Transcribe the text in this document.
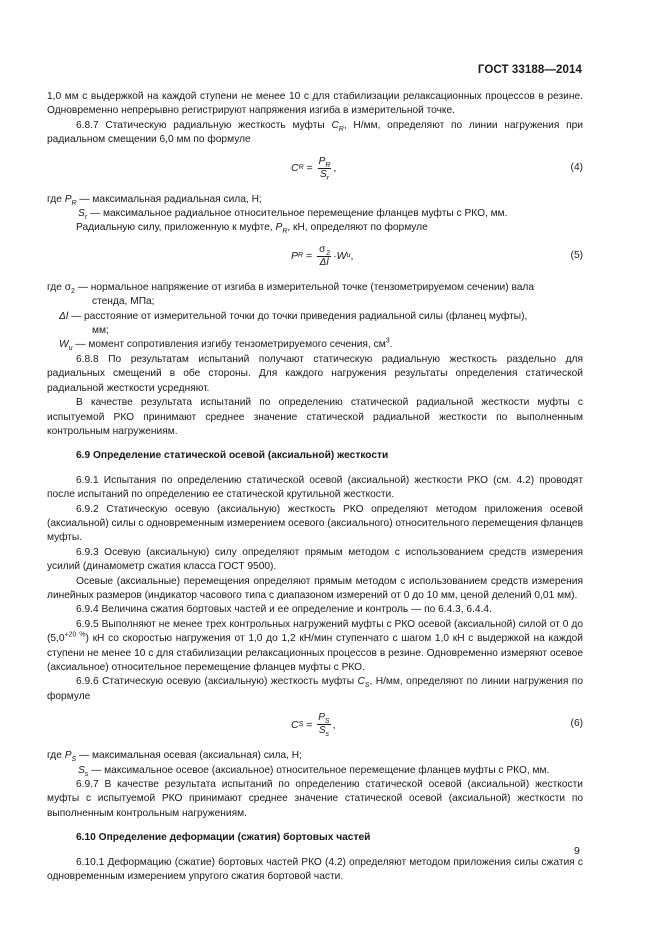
ГОСТ 33188—2014

1,0 мм с выдержкой на каждой ступени не менее 10 с для стабилизации релаксационных процессов в резине. Одновременно непрерывно регистрируют напряжения изгиба в измерительной точке.

6.8.7 Статическую радиальную жесткость муфты $C_R$, Н/мм, определяют по линии нагружения при радиальном смещении 6,0 мм по формуле

C R
=
$\frac{P_R}{S_r}$ ,	(4)

где $P_R$ — максимальная радиальная сила, Н;

$S_r$ — максимальное радиальное относительное перемещение фланцев муфты с РКО, мм.

Радиальную силу, приложенную к муфте, $P_R$, кН, определяют по формуле

P R
=
$\frac{\sigma_2}{\Delta l} \cdot W$ u ,	(5)

где $\sigma_2$ — нормальное напряжение от изгиба в измерительной точке (тензометрируемом сечении) вала

стенда, МПа;

Δl — расстояние от измерительной точки до точки приведения радиальной силы (фланец муфты),

мм;

$W_u$ — момент сопротивления изгибу тензометрируемого сечения, $см^3$.

6.8.8 По результатам испытаний получают статическую радиальную жесткость раздельно для радиальных смещений в обе стороны. Для каждого нагружения результаты определения статической радиальной жесткости усредняют.

В качестве результата испытаний по определению статической радиальной жесткости муфты с испытуемой РКО принимают среднее значение статической радиальной жесткости по выполненным контрольным нагружениям.

6.9 Определение статической осевой (аксиальной) жесткости

6.9.1 Испытания по определению статической осевой (аксиальной) жесткости РКО (см. 4.2) проводят после испытаний по определению ее статической крутильной жесткости.

6.9.2 Статическую осевую (аксиальную) жесткость РКО определяют методом приложения осевой (аксиальной) силы с одновременным измерением осевого (аксиального) относительного перемещения фланцев муфты.

6.9.3 Осевую (аксиальную) силу определяют прямым методом с использованием средств измерения усилий (динамометр сжатия класса ГОСТ 9500).

Осевые (аксиальные) перемещения определяют прямым методом с использованием средств измерения линейных размеров (индикатор часового типа с диапазоном измерений от 0 до 10 мм, ценой делений 0,01 мм).

6.9.4 Величина сжатия бортовых частей и ее определение и контроль — по 6.4.3, 6.4.4.

6.9.5 Выполняют не менее трех контрольных нагружений муфты с РКО осевой (аксиальной) силой от 0 до $(5,0^{+20 \%})$ кН со скоростью нагружения от 1,0 до 1,2 кН/мин ступенчато с шагом 1,0 кН с выдержкой на каждой ступени не менее 10 с для стабилизации релаксационных процессов в резине. Одновременно измеряют осевое (аксиальное) относительное перемещение фланцев муфты с РКО.

6.9.6 Статическую осевую (аксиальную) жесткость муфты $C_S$, Н/мм, определяют по линии нагружения по формуле

C S
=
$\frac{P_S}{S_s}$ ,	(6)

где $P_S$ — максимальная осевая (аксиальная) сила, Н;

$S_s$ — максимальное осевое (аксиальное) относительное перемещение фланцев муфты с РКО, мм.

6.9.7 В качестве результата испытаний по определению статической осевой (аксиальной) жесткости муфты с испытуемой РКО принимают среднее значение статической осевой (аксиальной) жесткости по выполненным контрольным нагружениям.

6.10 Определение деформации (сжатия) бортовых частей

6.10.1 Деформацию (сжатие) бортовых частей РКО (4.2) определяют методом приложения силы сжатия с одновременным измерением упругого сжатия бортовой части.

9
